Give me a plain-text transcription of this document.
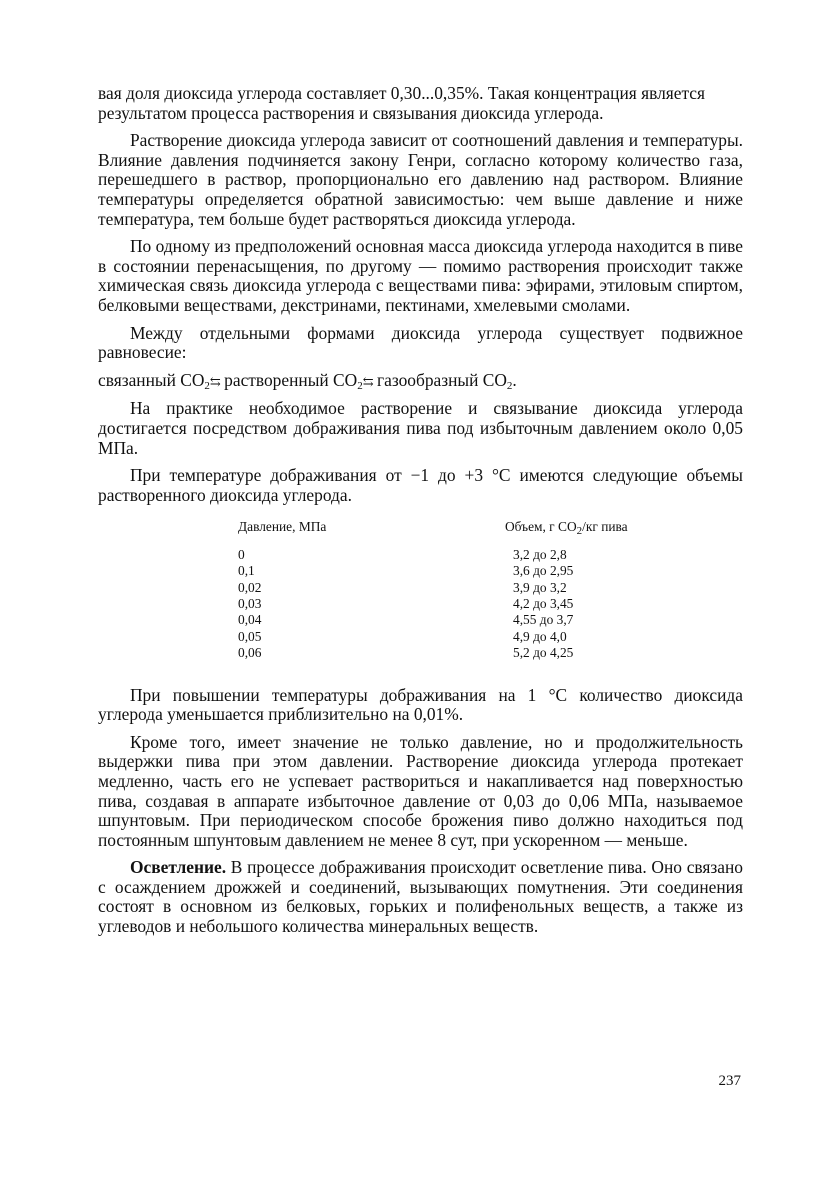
вая доля диоксида углерода составляет 0,30...0,35%. Такая концентрация является результатом процесса растворения и связывания диоксида углерода.

Растворение диоксида углерода зависит от соотношений давления и температуры. Влияние давления подчиняется закону Генри, согласно которому количество газа, перешедшего в раствор, пропорционально его давлению над раствором. Влияние температуры определяется обратной зависимостью: чем выше давление и ниже температура, тем больше будет растворяться диоксида углерода.

По одному из предположений основная масса диоксида углерода находится в пиве в состоянии перенасыщения, по другому — помимо растворения происходит также химическая связь диоксида углерода с веществами пива: эфирами, этиловым спиртом, белковыми веществами, декстринами, пектинами, хмелевыми смолами.

Между отдельными формами диоксида углерода существует подвижное равновесие:

связанный $CO_2⇆$ растворенный $CO_2⇆$ газообразный $CO_2$.

На практике необходимое растворение и связывание диоксида углерода достигается посредством дображивания пива под избыточным давлением около 0,05 МПа.

При температуре дображивания от −1 до +3 °С имеются следующие объемы растворенного диоксида углерода.

Давление, МПа	Объем, г $CO_2/кг$ пива
0	3,2 до 2,8
0,1	3,6 до 2,95
0,02	3,9 до 3,2
0,03	4,2 до 3,45
0,04	4,55 до 3,7
0,05	4,9 до 4,0
0,06	5,2 до 4,25

При повышении температуры дображивания на 1 °С количество диоксида углерода уменьшается приблизительно на 0,01%.

Кроме того, имеет значение не только давление, но и продолжительность выдержки пива при этом давлении. Растворение диоксида углерода протекает медленно, часть его не успевает раствориться и накапливается над поверхностью пива, создавая в аппарате избыточное давление от 0,03 до 0,06 МПа, называемое шпунтовым. При периодическом способе брожения пиво должно находиться под постоянным шпунтовым давлением не менее 8 сут, при ускоренном — меньше.

Осветление. В процессе дображивания происходит осветление пива. Оно связано с осаждением дрожжей и соединений, вызывающих помутнения. Эти соединения состоят в основном из белковых, горьких и полифенольных веществ, а также из углеводов и небольшого количества минеральных веществ.

237
